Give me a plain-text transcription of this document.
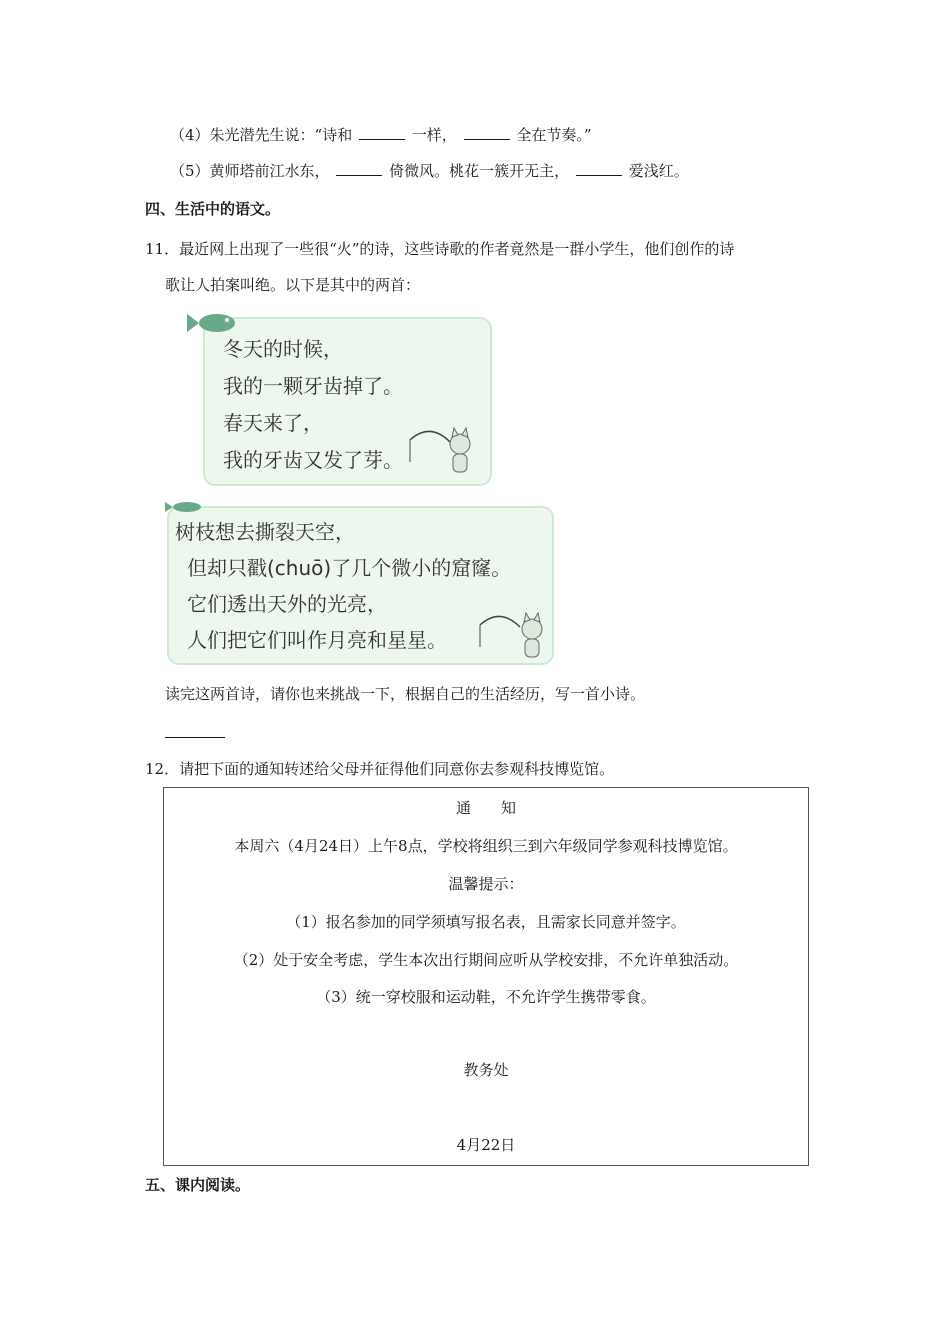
（4）朱光潜先生说：“诗和	一样，	全在节奏。”
（5）黄师塔前江水东，	倚微风。桃花一簇开无主，	爱浅红。
四、生活中的语文。
11．最近网上出现了一些很“火”的诗，这些诗歌的作者竟然是一群小学生，他们创作的诗
歌让人拍案叫绝。以下是其中的两首：
冬天的时候，
我的一颗牙齿掉了。
春天来了，
我的牙齿又发了芽。
树枝想去撕裂天空，
但却只戳(chuō)了几个微小的窟窿。
它们透出天外的光亮，
人们把它们叫作月亮和星星。
读完这两首诗，请你也来挑战一下，根据自己的生活经历，写一首小诗。
12．请把下面的通知转述给父母并征得他们同意你去参观科技博览馆。
通　　知
本周六（4月24日）上午8点，学校将组织三到六年级同学参观科技博览馆。
温馨提示：
（1）报名参加的同学须填写报名表，且需家长同意并签字。
（2）处于安全考虑，学生本次出行期间应听从学校安排，不允许单独活动。
（3）统一穿校服和运动鞋，不允许学生携带零食。
教务处
4月22日
五、课内阅读。
